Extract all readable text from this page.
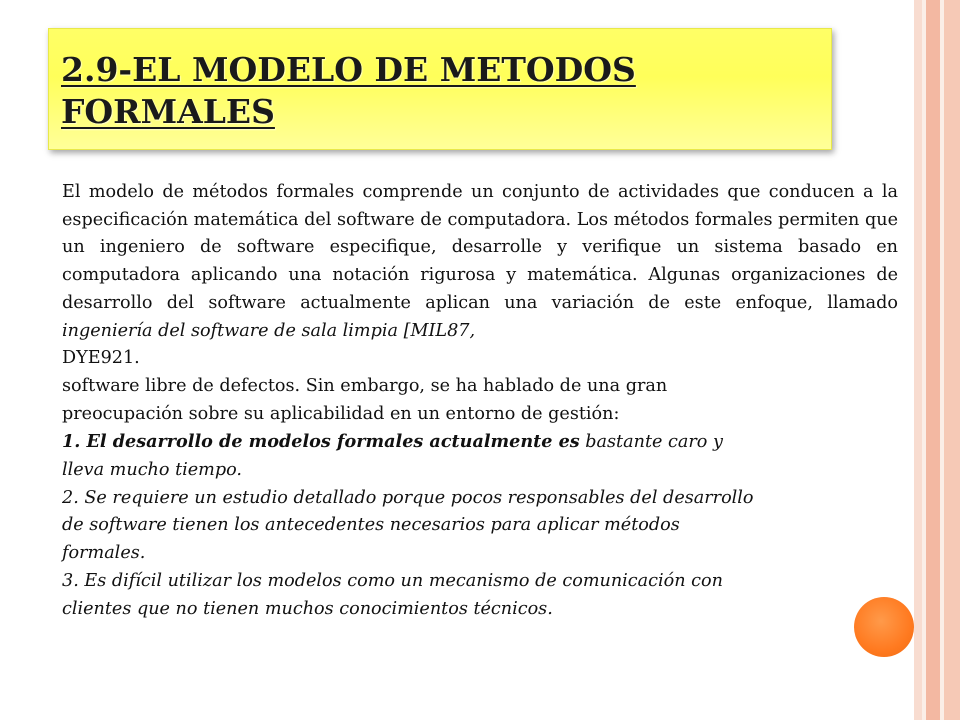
2.9-EL MODELO DE METODOS
FORMALES

El modelo de métodos formales comprende un conjunto de actividades que conducen a la especificación matemática del software de computadora. Los métodos formales permiten que un ingeniero de software especifique, desarrolle y verifique un sistema basado en computadora aplicando una notación rigurosa y matemática. Algunas organizaciones de desarrollo del software actualmente aplican una variación de este enfoque, llamado ingeniería del software de sala limpia [MIL87,

DYE921.

software libre de defectos. Sin embargo, se ha hablado de una gran

preocupación sobre su aplicabilidad en un entorno de gestión:

1. El desarrollo de modelos formales actualmente es bastante caro y

lleva mucho tiempo.

2. Se requiere un estudio detallado porque pocos responsables del desarrollo

de software tienen los antecedentes necesarios para aplicar métodos

formales.

3. Es difícil utilizar los modelos como un mecanismo de comunicación con

clientes que no tienen muchos conocimientos técnicos.
